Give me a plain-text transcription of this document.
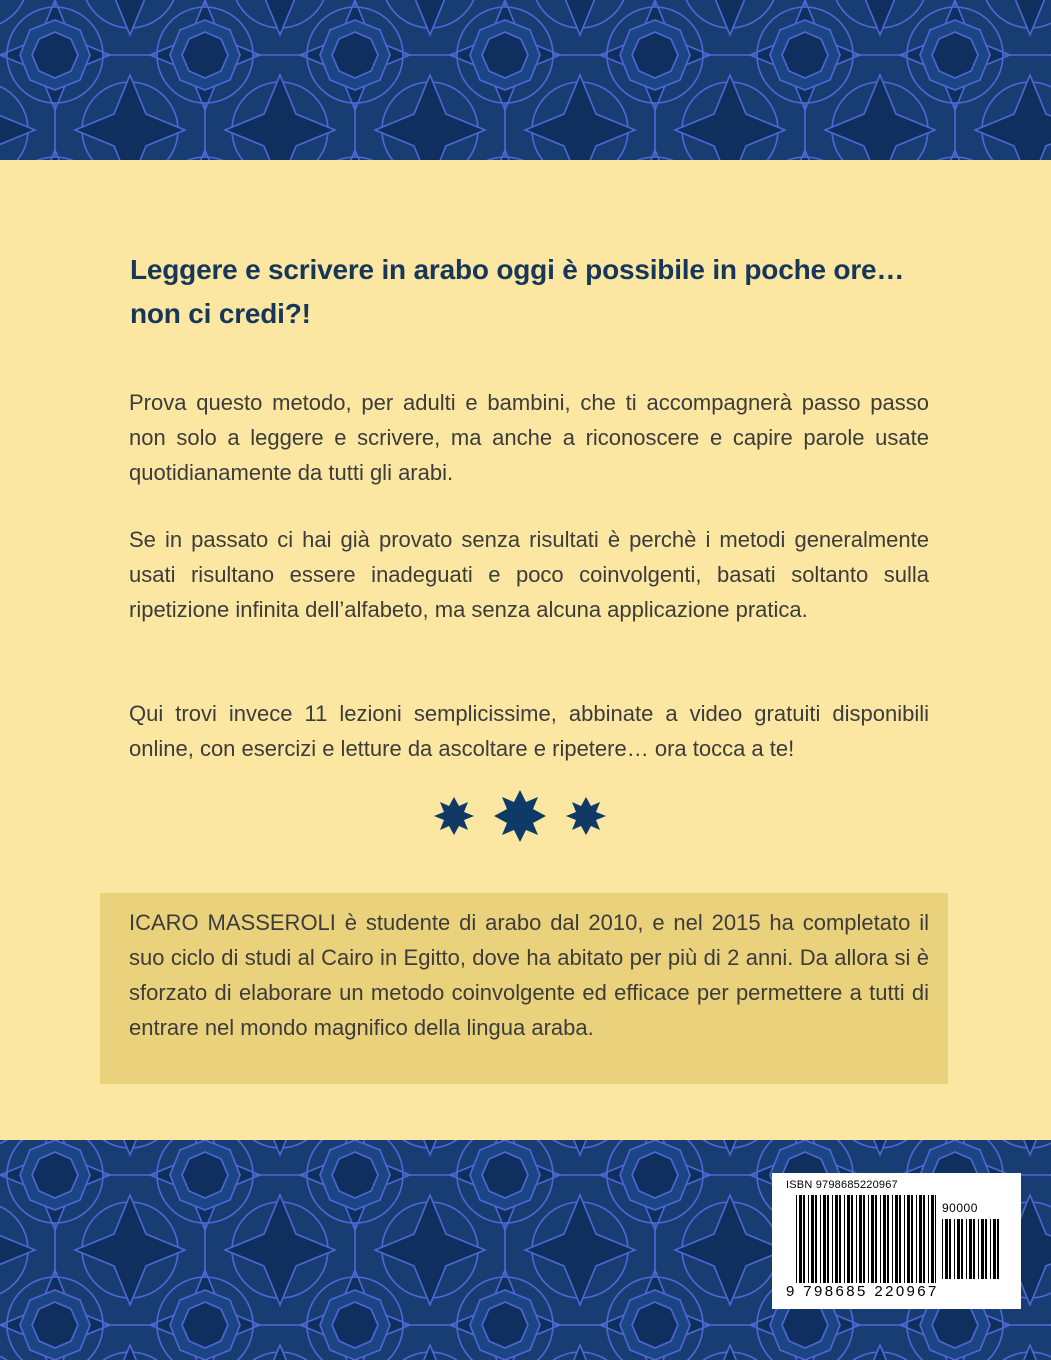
Leggere e scrivere in arabo oggi è possibile in poche ore…
non ci credi?!

Prova questo metodo, per adulti e bambini, che ti accompagnerà passo passo non solo a leggere e scrivere, ma anche a riconoscere e capire parole usate quotidianamente da tutti gli arabi.

Se in passato ci hai già provato senza risultati è perchè i metodi generalmente usati risultano essere inadeguati e poco coinvolgenti, basati soltanto sulla ripetizione infinita dell’alfabeto, ma senza alcuna applicazione pratica.

Qui trovi invece 11 lezioni semplicissime, abbinate a video gratuiti disponibili online, con esercizi e letture da ascoltare e ripetere… ora tocca a te!

ICARO MASSEROLI è studente di arabo dal 2010, e nel 2015 ha completato il suo ciclo di studi al Cairo in Egitto, dove ha abitato per più di 2 anni. Da allora si è sforzato di elaborare un metodo coinvolgente ed efficace per permettere a tutti di entrare nel mondo magnifico della lingua araba.

ISBN 9798685220967
90000
9 798685 220967
